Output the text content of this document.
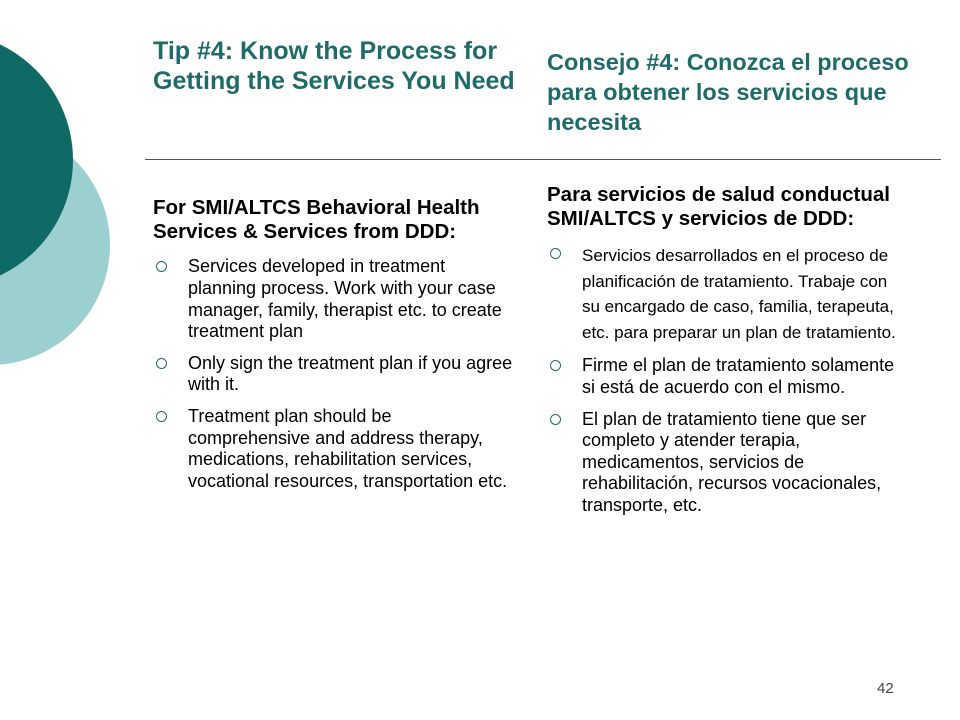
Tip #4: Know the Process for Getting the Services You Need
Consejo #4: Conozca el proceso para obtener los servicios que necesita
For SMI/ALTCS Behavioral Health Services & Services from DDD:
Services developed in treatment planning process. Work with your case manager, family, therapist etc. to create treatment plan
Only sign the treatment plan if you agree with it.
Treatment plan should be comprehensive and address therapy, medications, rehabilitation services, vocational resources, transportation etc.
Para servicios de salud conductual SMI/ALTCS y servicios de DDD:
Servicios desarrollados en el proceso de planificación de tratamiento. Trabaje con su encargado de caso, familia, terapeuta, etc. para preparar un plan de tratamiento.
Firme el plan de tratamiento solamente si está de acuerdo con el mismo.
El plan de tratamiento tiene que ser completo y atender terapia, medicamentos, servicios de rehabilitación, recursos vocacionales, transporte, etc.
42
